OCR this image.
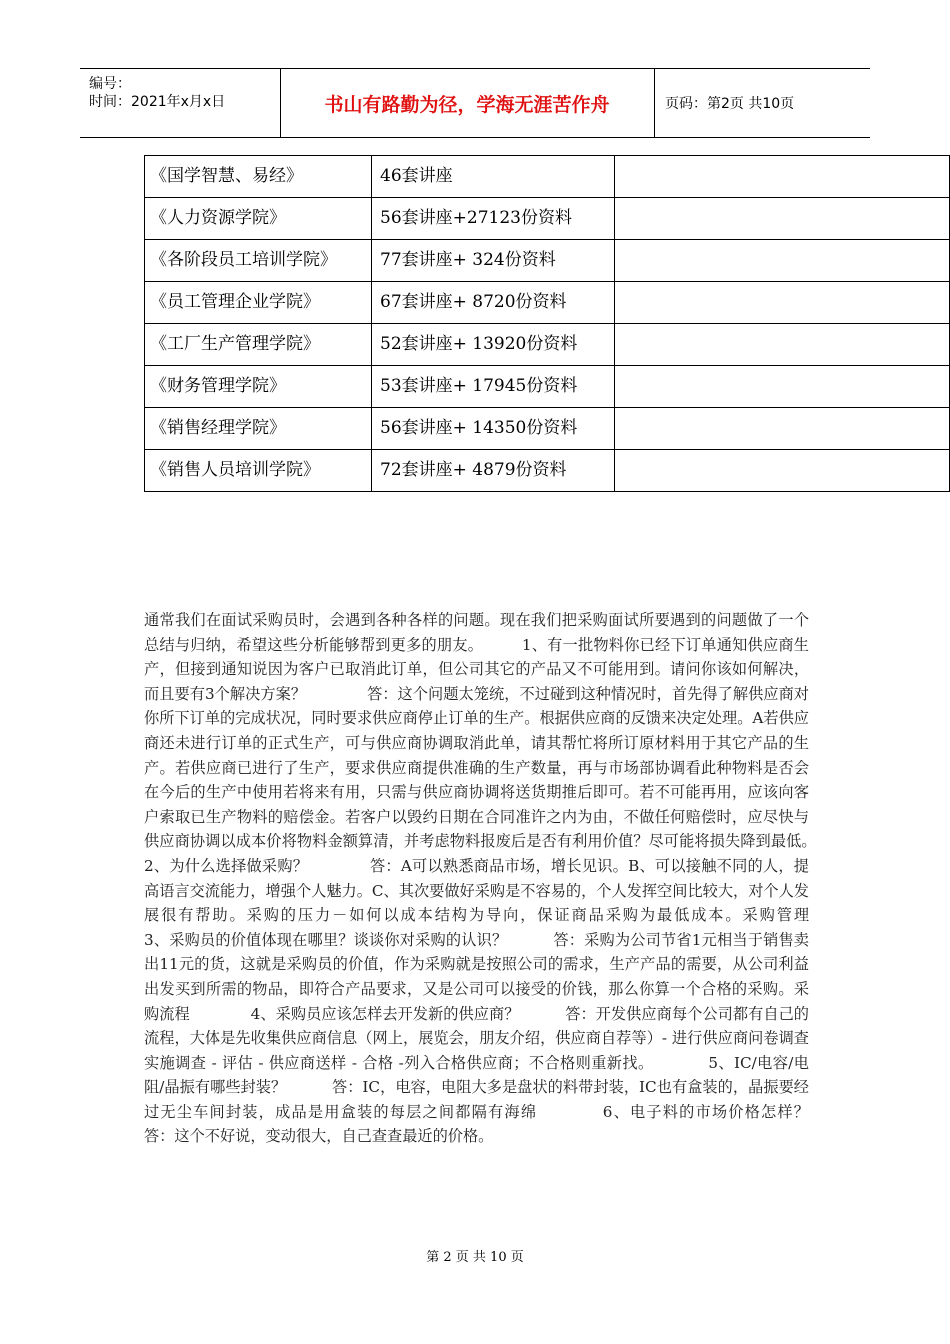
编号：
时间：2021年x月x日	书山有路勤为径，学海无涯苦作舟	页码：第2页 共10页
《国学智慧、易经》	46套讲座	
《人力资源学院》	56套讲座+27123份资料	
《各阶段员工培训学院》	77套讲座+ 324份资料	
《员工管理企业学院》	67套讲座+ 8720份资料	
《工厂生产管理学院》	52套讲座+ 13920份资料	
《财务管理学院》	53套讲座+ 17945份资料	
《销售经理学院》	56套讲座+ 14350份资料	
《销售人员培训学院》	72套讲座+ 4879份资料	
通常我们在面试采购员时，会遇到各种各样的问题。现在我们把采购面试所要遇到的问题做了一个总结与归纳，希望这些分析能够帮到更多的朋友。　　　1、有一批物料你已经下订单通知供应商生产，但接到通知说因为客户已取消此订单，但公司其它的产品又不可能用到。请问你该如何解决，而且要有3个解决方案？　　　　答：这个问题太笼统，不过碰到这种情况时，首先得了解供应商对你所下订单的完成状况，同时要求供应商停止订单的生产。根据供应商的反馈来决定处理。A若供应商还未进行订单的正式生产，可与供应商协调取消此单，请其帮忙将所订原材料用于其它产品的生产。若供应商已进行了生产，要求供应商提供准确的生产数量，再与市场部协调看此种物料是否会在今后的生产中使用若将来有用，只需与供应商协调将送货期推后即可。若不可能再用，应该向客户索取已生产物料的赔偿金。若客户以毁约日期在合同准许之内为由，不做任何赔偿时，应尽快与供应商协调以成本价将物料金额算清，并考虑物料报废后是否有利用价值？尽可能将损失降到最低。　　　　2、为什么选择做采购？　　　　答：A可以熟悉商品市场，增长见识。B、可以接触不同的人，提高语言交流能力，增强个人魅力。C、其次要做好采购是不容易的，个人发挥空间比较大，对个人发展很有帮助。采购的压力－如何以成本结构为导向，保证商品采购为最低成本。采购管理　　　　3、采购员的价值体现在哪里？谈谈你对采购的认识？　　　答：采购为公司节省1元相当于销售卖出11元的货，这就是采购员的价值，作为采购就是按照公司的需求，生产产品的需要，从公司利益出发买到所需的物品，即符合产品要求，又是公司可以接受的价钱，那么你算一个合格的采购。采购流程　　　　4、采购员应该怎样去开发新的供应商？　　　答：开发供应商每个公司都有自己的流程，大体是先收集供应商信息（网上，展览会，朋友介绍，供应商自荐等）- 进行供应商问卷调查 实施调查 - 评估 - 供应商送样 - 合格 -列入合格供应商；不合格则重新找。　　　　5、IC/电容/电阻/晶振有哪些封装？　　　答：IC，电容，电阻大多是盘状的料带封装，IC也有盒装的，晶振要经过无尘车间封装，成品是用盒装的每层之间都隔有海绵　　　　6、电子料的市场价格怎样？　　　答：这个不好说，变动很大，自己查查最近的价格。
第 2 页 共 10 页
